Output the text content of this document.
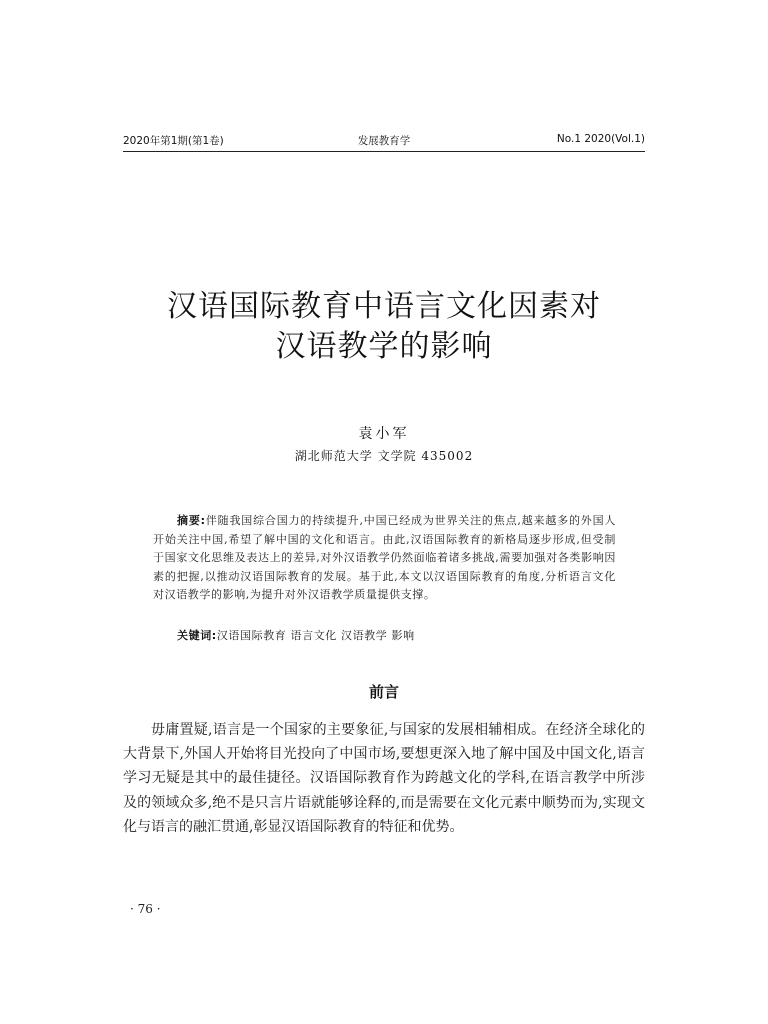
2020年第1期(第1卷)	发展教育学	No.1 2020(Vol.1)
汉语国际教育中语言文化因素对
汉语教学的影响
袁小军
湖北师范大学 文学院 435002
摘要:伴随我国综合国力的持续提升,中国已经成为世界关注的焦点,越来越多的外国人开始关注中国,希望了解中国的文化和语言。由此,汉语国际教育的新格局逐步形成,但受制于国家文化思维及表达上的差异,对外汉语教学仍然面临着诸多挑战,需要加强对各类影响因素的把握,以推动汉语国际教育的发展。基于此,本文以汉语国际教育的角度,分析语言文化对汉语教学的影响,为提升对外汉语教学质量提供支撑。
关键词:汉语国际教育 语言文化 汉语教学 影响
前言
毋庸置疑,语言是一个国家的主要象征,与国家的发展相辅相成。在经济全球化的大背景下,外国人开始将目光投向了中国市场,要想更深入地了解中国及中国文化,语言学习无疑是其中的最佳捷径。汉语国际教育作为跨越文化的学科,在语言教学中所涉及的领域众多,绝不是只言片语就能够诠释的,而是需要在文化元素中顺势而为,实现文化与语言的融汇贯通,彰显汉语国际教育的特征和优势。
· 76 ·
